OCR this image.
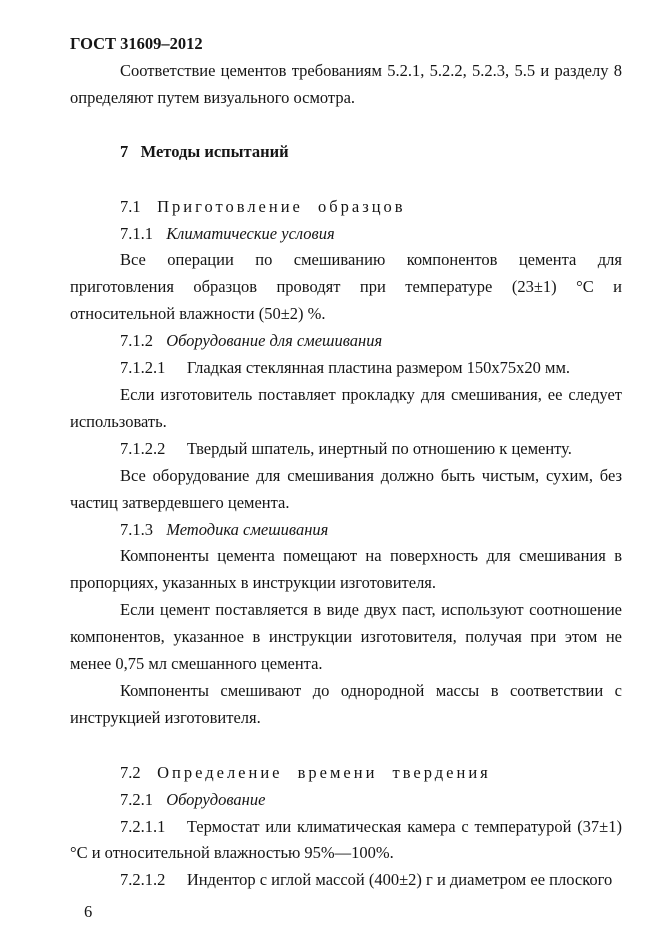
ГОСТ 31609–2012

Соответствие цементов требованиям 5.2.1, 5.2.2, 5.2.3, 5.5 и разделу 8 определяют путем визуального осмотра.

7 Методы испытаний

7.1 Приготовление образцов

7.1.1 Климатические условия

Все операции по смешиванию компонентов цемента для приготовления образцов проводят при температуре (23±1) °С и относительной влажности (50±2) %.

7.1.2 Оборудование для смешивания

7.1.2.1 Гладкая стеклянная пластина размером 150х75х20 мм.

Если изготовитель поставляет прокладку для смешивания, ее следует использовать.

7.1.2.2 Твердый шпатель, инертный по отношению к цементу.

Все оборудование для смешивания должно быть чистым, сухим, без частиц затвердевшего цемента.

7.1.3 Методика смешивания

Компоненты цемента помещают на поверхность для смешивания в пропорциях, указанных в инструкции изготовителя.

Если цемент поставляется в виде двух паст, используют соотношение компонентов, указанное в инструкции изготовителя, получая при этом не менее 0,75 мл смешанного цемента.

Компоненты смешивают до однородной массы в соответствии с инструкцией изготовителя.

7.2 Определение времени твердения

7.2.1 Оборудование

7.2.1.1 Термостат или климатическая камера с температурой (37±1) °С и относительной влажностью 95%—100%.

7.2.1.2 Индентор с иглой массой (400±2) г и диаметром ее плоского

6
